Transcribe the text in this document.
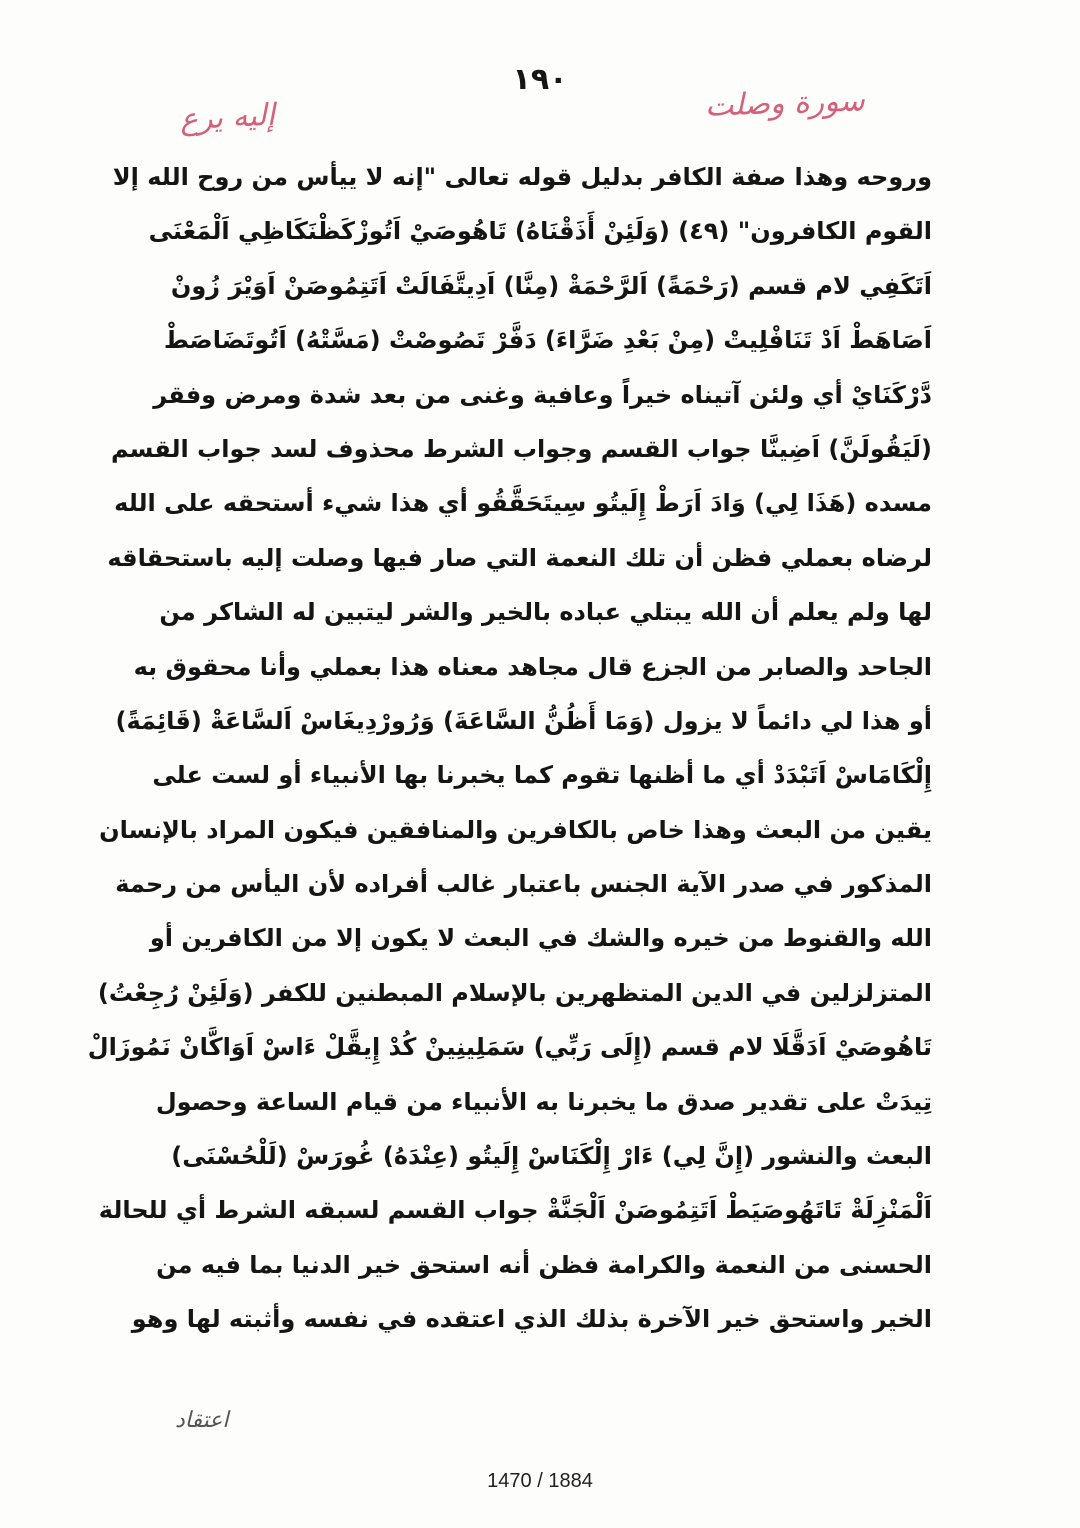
١٩٠
إليه يرع	سورة وصلت
وروحه وهذا صفة الكافر بدليل قوله تعالى "إنه لا ييأس من روح الله إلا
القوم الكافرون" (٤٩) (وَلَئِنْ أَذَقْنَاهُ) تَاهُوصَيْ اَتُوزْكَظْنَكَاظِي اَلْمَعْنَى
اَتَكَفِي لام قسم (رَحْمَةً) اَلرَّحْمَةْ (مِنَّا) اَدِيتَّفَالَتْ اَتَتِمُوصَنْ اَوَيْرَ زُونْ
اَصَاهَطْ اَدْ تَنَافْلِيتْ (مِنْ بَعْدِ ضَرَّاءَ) دَفَّرْ تَصُوصْتْ (مَسَّتْهُ) اَتُوتَضَاصَطْ
دَّرْكَنَايْ أي ولئن آتيناه خيراً وعافية وغنى من بعد شدة ومرض وفقر
(لَيَقُولَنَّ) اَضِينَّا جواب القسم وجواب الشرط محذوف لسد جواب القسم
مسده (هَذَا لِي) وَادَ اَرَطْ إِلَيتُو سِيتَحَقَّقُو أي هذا شيء أستحقه على الله
لرضاه بعملي فظن أن تلك النعمة التي صار فيها وصلت إليه باستحقاقه
لها ولم يعلم أن الله يبتلي عباده بالخير والشر ليتبين له الشاكر من
الجاحد والصابر من الجزع قال مجاهد معناه هذا بعملي وأنا محقوق به
أو هذا لي دائماً لا يزول (وَمَا أَظُنُّ السَّاعَةَ) وَرُورْدِيغَاسْ اَلسَّاعَةْ (قَائِمَةً)
إِلْكَامَاسْ اَتَبْدَدْ أي ما أظنها تقوم كما يخبرنا بها الأنبياء أو لست على
يقين من البعث وهذا خاص بالكافرين والمنافقين فيكون المراد بالإنسان
المذكور في صدر الآية الجنس باعتبار غالب أفراده لأن اليأس من رحمة
الله والقنوط من خيره والشك في البعث لا يكون إلا من الكافرين أو
المتزلزلين في الدين المتظهرين بالإسلام المبطنين للكفر (وَلَئِنْ رُجِعْتُ)
تَاهُوصَيْ اَدَقَّلَا لام قسم (إِلَى رَبِّي) سَمَلِينِينْ كُدْ إِيقَّلْ ءَاسْ اَوَاكَّانْ نَمُوزَالْ
تِيدَتْ على تقدير صدق ما يخبرنا به الأنبياء من قيام الساعة وحصول
البعث والنشور (إِنَّ لِي) ءَارْ إِلْكَنَاسْ إِلَيتُو (عِنْدَهُ) غُورَسْ (لَلْحُسْنَى)
اَلْمَنْزِلَةْ تَاتَهُوصَيَطْ اَتَتِمُوصَنْ اَلْجَنَّةْ جواب القسم لسبقه الشرط أي للحالة
الحسنى من النعمة والكرامة فظن أنه استحق خير الدنيا بما فيه من
الخير واستحق خير الآخرة بذلك الذي اعتقده في نفسه وأثبته لها وهو
اعتقاد
1470 / 1884
